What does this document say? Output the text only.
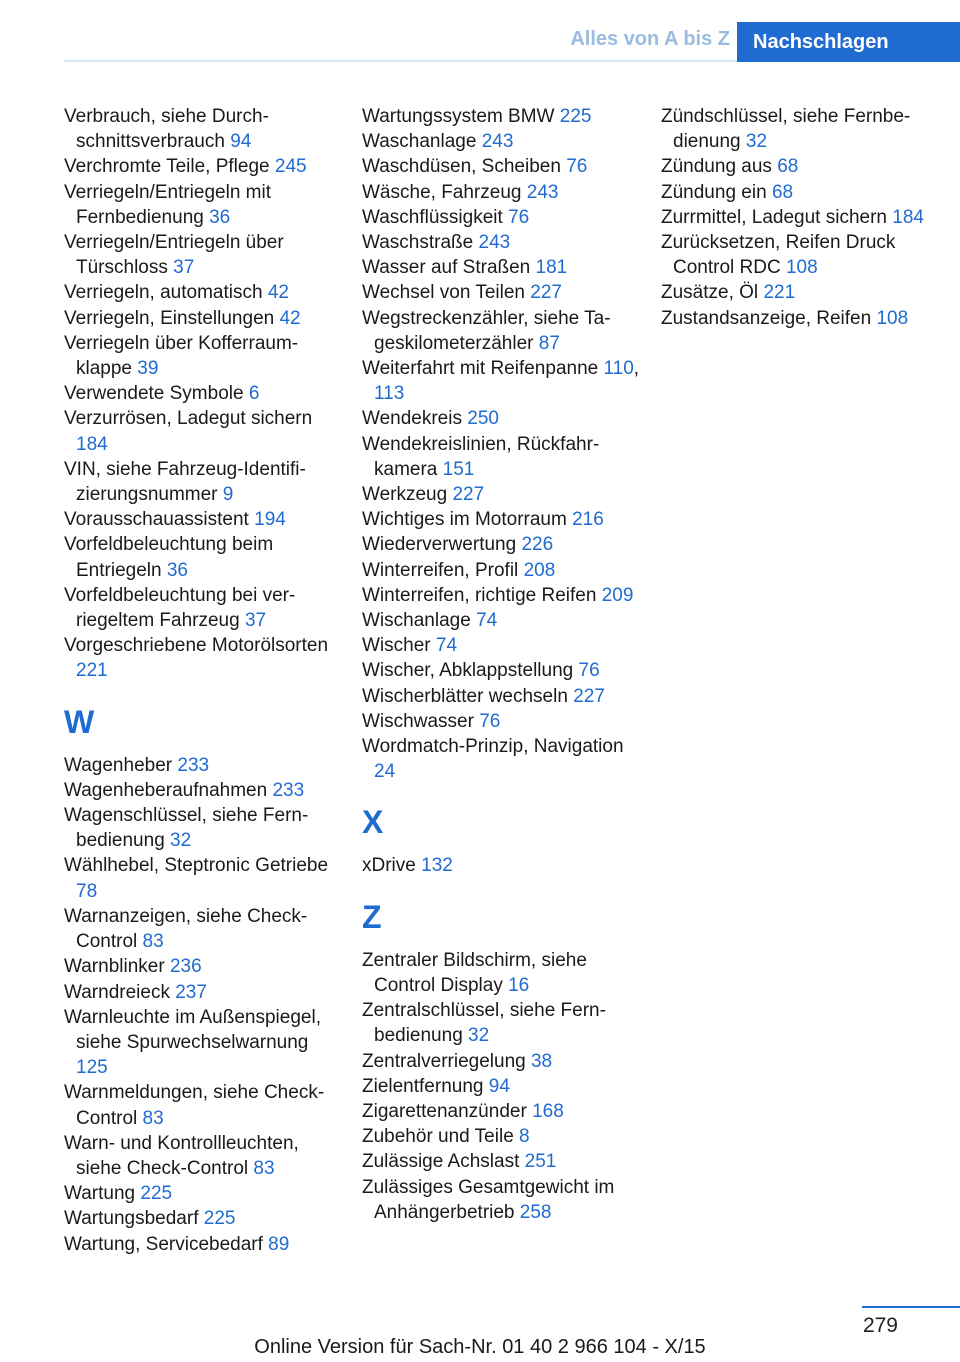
Alles von A bis Z	Nachschlagen
Verbrauch, siehe Durchschnittsverbrauch 94
Verchromte Teile, Pflege 245
Verriegeln/Entriegeln mit Fernbedienung 36
Verriegeln/Entriegeln über Türschloss 37
Verriegeln, automatisch 42
Verriegeln, Einstellungen 42
Verriegeln über Kofferraumklappe 39
Verwendete Symbole 6
Verzurrösen, Ladegut sichern 184
VIN, siehe Fahrzeug-Identifizierungsnummer 9
Vorausschauassistent 194
Vorfeldbeleuchtung beim Entriegeln 36
Vorfeldbeleuchtung bei verriegeltem Fahrzeug 37
Vorgeschriebene Motorölsorten 221
W
Wagenheber 233
Wagenheberaufnahmen 233
Wagenschlüssel, siehe Fernbedienung 32
Wählhebel, Steptronic Getriebe 78
Warnanzeigen, siehe Check-Control 83
Warnblinker 236
Warndreieck 237
Warnleuchte im Außenspiegel, siehe Spurwechselwarnung 125
Warnmeldungen, siehe Check-Control 83
Warn- und Kontrollleuchten, siehe Check-Control 83
Wartung 225
Wartungsbedarf 225
Wartung, Servicebedarf 89
Wartungssystem BMW 225
Waschanlage 243
Waschdüsen, Scheiben 76
Wäsche, Fahrzeug 243
Waschflüssigkeit 76
Waschstraße 243
Wasser auf Straßen 181
Wechsel von Teilen 227
Wegstreckenzähler, siehe Tageskilometerzähler 87
Weiterfahrt mit Reifenpanne 110, 113
Wendekreis 250
Wendekreislinien, Rückfahrkamera 151
Werkzeug 227
Wichtiges im Motorraum 216
Wiederverwertung 226
Winterreifen, Profil 208
Winterreifen, richtige Reifen 209
Wischanlage 74
Wischer 74
Wischer, Abklappstellung 76
Wischerblätter wechseln 227
Wischwasser 76
Wordmatch-Prinzip, Navigation 24
X
xDrive 132
Z
Zentraler Bildschirm, siehe Control Display 16
Zentralschlüssel, siehe Fernbedienung 32
Zentralverriegelung 38
Zielentfernung 94
Zigarettenanzünder 168
Zubehör und Teile 8
Zulässige Achslast 251
Zulässiges Gesamtgewicht im Anhängerbetrieb 258
Zündschlüssel, siehe Fernbedienung 32
Zündung aus 68
Zündung ein 68
Zurrmittel, Ladegut sichern 184
Zurücksetzen, Reifen Druck Control RDC 108
Zusätze, Öl 221
Zustandsanzeige, Reifen 108
279
Online Version für Sach-Nr. 01 40 2 966 104 - X/15
